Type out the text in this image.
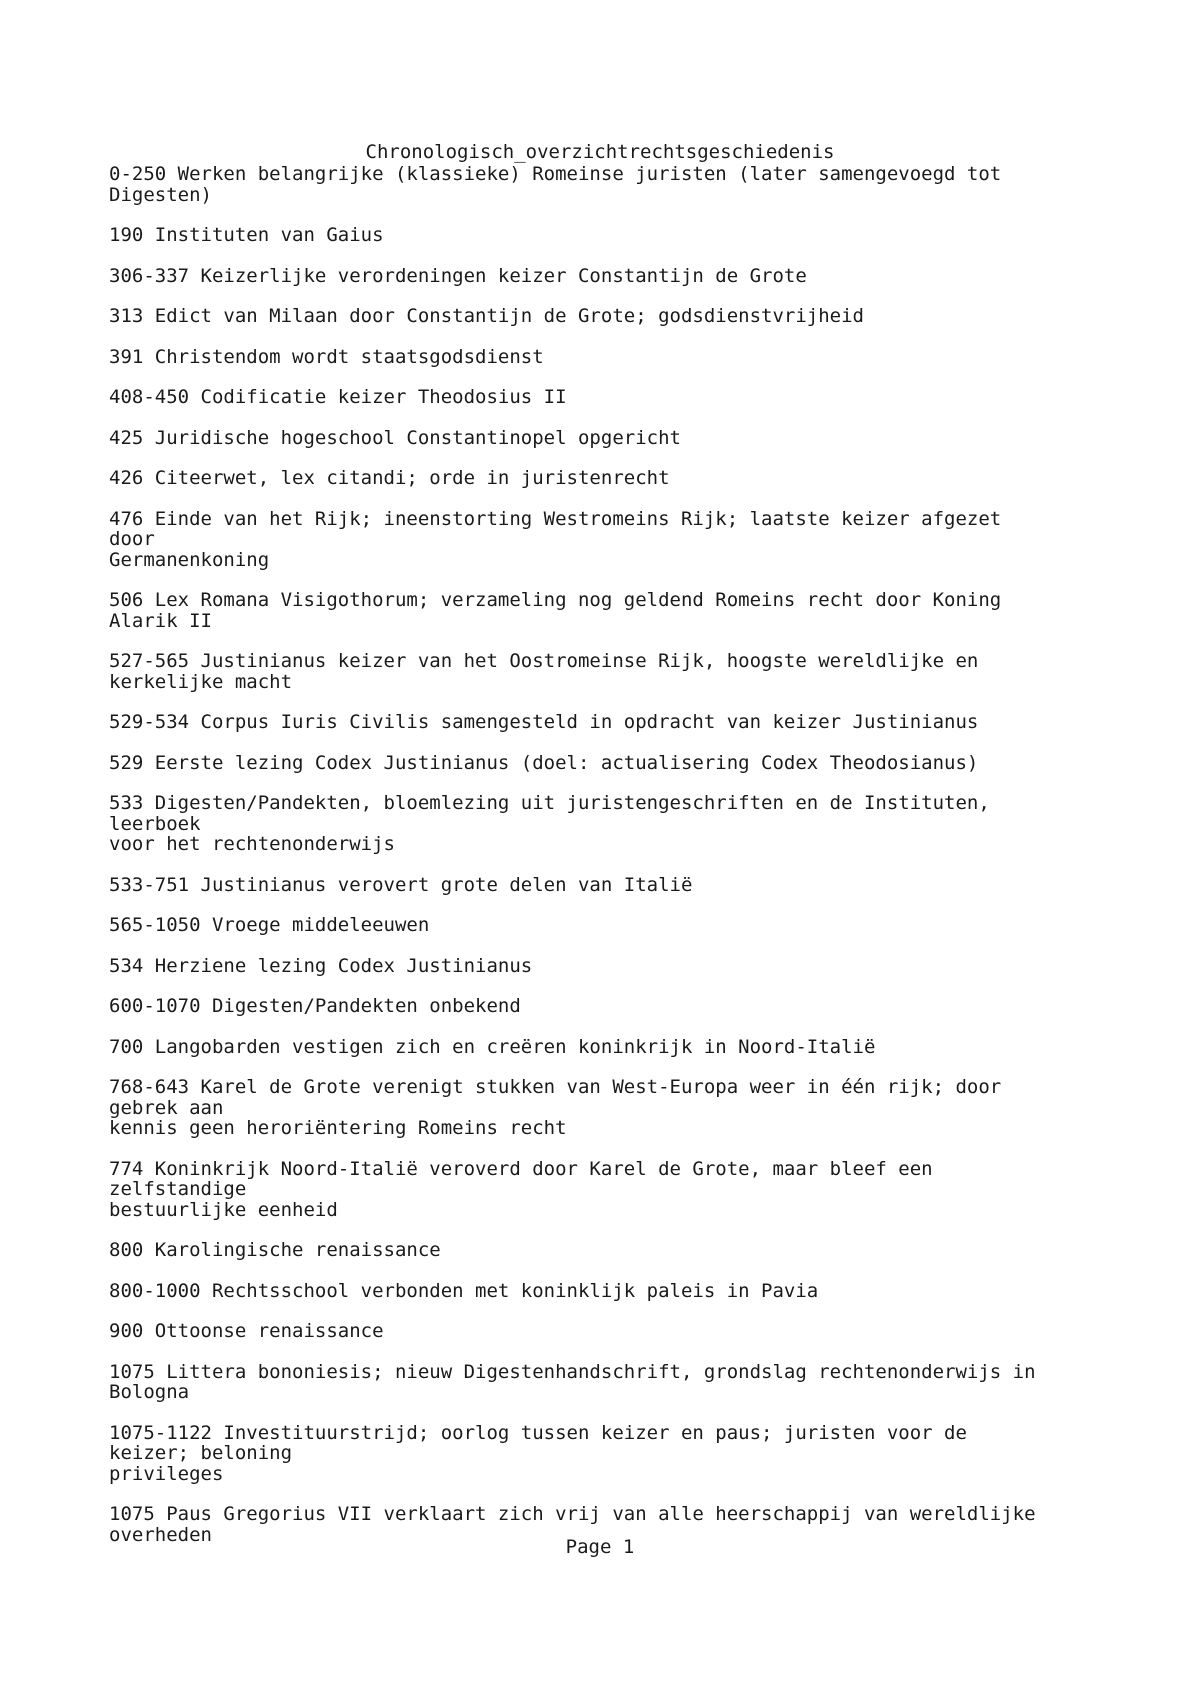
Chronologisch_overzichtrechtsgeschiedenis
0-250 Werken belangrijke (klassieke) Romeinse juristen (later samengevoegd tot
Digesten)
190 Instituten van Gaius
306-337 Keizerlijke verordeningen keizer Constantijn de Grote
313 Edict van Milaan door Constantijn de Grote; godsdienstvrijheid
391 Christendom wordt staatsgodsdienst
408-450 Codificatie keizer Theodosius II
425 Juridische hogeschool Constantinopel opgericht
426 Citeerwet, lex citandi; orde in juristenrecht
476 Einde van het Rijk; ineenstorting Westromeins Rijk; laatste keizer afgezet
door
Germanenkoning
506 Lex Romana Visigothorum; verzameling nog geldend Romeins recht door Koning
Alarik II
527-565 Justinianus keizer van het Oostromeinse Rijk, hoogste wereldlijke en
kerkelijke macht
529-534 Corpus Iuris Civilis samengesteld in opdracht van keizer Justinianus
529 Eerste lezing Codex Justinianus (doel: actualisering Codex Theodosianus)
533 Digesten/Pandekten, bloemlezing uit juristengeschriften en de Instituten,
leerboek
voor het rechtenonderwijs
533-751 Justinianus verovert grote delen van Italië
565-1050 Vroege middeleeuwen
534 Herziene lezing Codex Justinianus
600-1070 Digesten/Pandekten onbekend
700 Langobarden vestigen zich en creëren koninkrijk in Noord-Italië
768-643 Karel de Grote verenigt stukken van West-Europa weer in één rijk; door
gebrek aan
kennis geen heroriëntering Romeins recht
774 Koninkrijk Noord-Italië veroverd door Karel de Grote, maar bleef een
zelfstandige
bestuurlijke eenheid
800 Karolingische renaissance
800-1000 Rechtsschool verbonden met koninklijk paleis in Pavia
900 Ottoonse renaissance
1075 Littera bononiesis; nieuw Digestenhandschrift, grondslag rechtenonderwijs in
Bologna
1075-1122 Investituurstrijd; oorlog tussen keizer en paus; juristen voor de
keizer; beloning
privileges
1075 Paus Gregorius VII verklaart zich vrij van alle heerschappij van wereldlijke
overheden
Page 1
